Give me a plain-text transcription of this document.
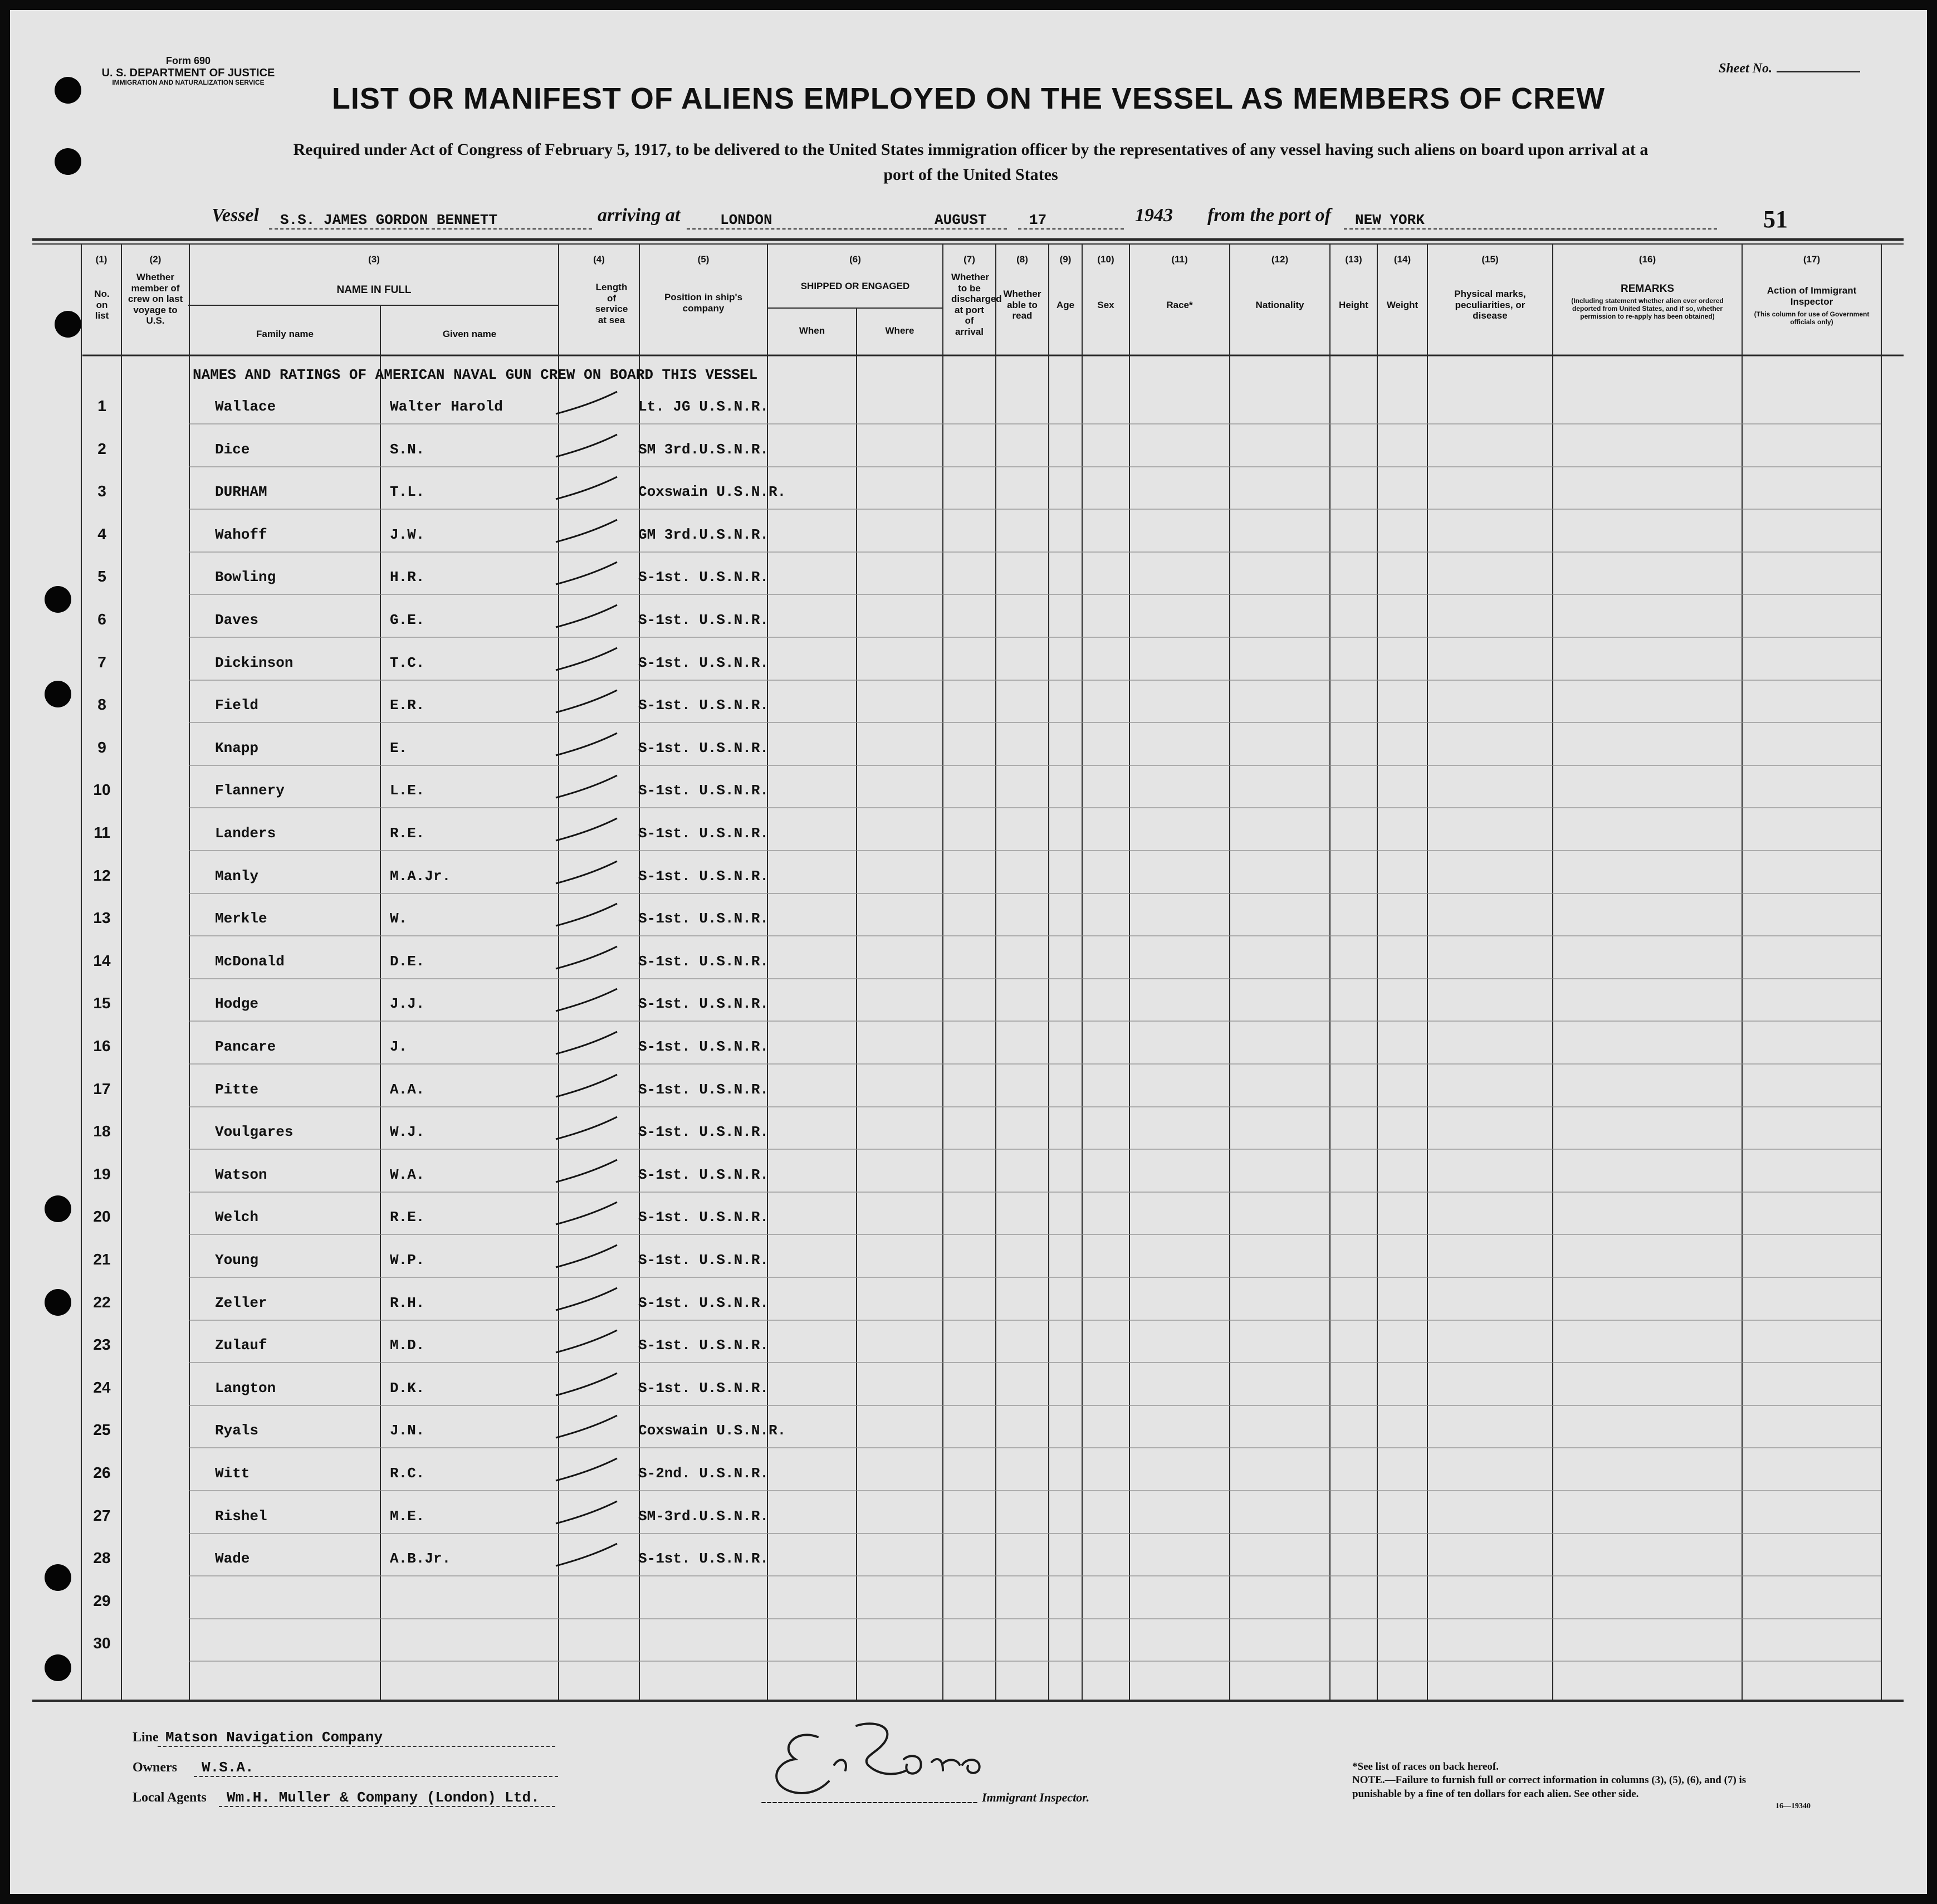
Form 690
U. S. DEPARTMENT OF JUSTICE
IMMIGRATION AND NATURALIZATION SERVICE
Sheet No.
LIST OR MANIFEST OF ALIENS EMPLOYED ON THE VESSEL AS MEMBERS OF CREW
Required under Act of Congress of February 5, 1917, to be delivered to the United States immigration officer by the representatives of any vessel having such aliens on board upon arrival at a
port of the United States
Vessel	S.S. JAMES GORDON BENNETT	arriving at	LONDON	AUGUST	17	1943 from the port of	NEW YORK	51
(1)	(2)	(3)	(4)	(5)	(6)	(7)	(8)	(9)	(10)	(11)	(12)	(13)	(14)	(15)	(16)	(17)
No. on list
Whether member of crew on last voyage to U.S.
NAME IN FULL
Family name	Given name
Length of service at sea
Position in ship's company
SHIPPED OR ENGAGED
When	Where
Whether to be discharged at port of arrival
Whether able to read
Age	Sex	Race*	Nationality	Height	Weight
Physical marks, peculiarities, or disease
REMARKS
(Including statement whether alien ever ordered deported from United States, and if so, whether permission to re-apply has been obtained)
Action of Immigrant Inspector
(This column for use of Government officials only)
NAMES AND RATINGS OF AMERICAN NAVAL GUN CREW ON BOARD THIS VESSEL
1	Wallace	Walter Harold	Lt. JG U.S.N.R.
2	Dice	S.N.	SM 3rd.U.S.N.R.
3	DURHAM	T.L.	Coxswain U.S.N.R.
4	Wahoff	J.W.	GM 3rd.U.S.N.R.
5	Bowling	H.R.	S-1st. U.S.N.R.
6	Daves	G.E.	S-1st. U.S.N.R.
7	Dickinson	T.C.	S-1st. U.S.N.R.
8	Field	E.R.	S-1st. U.S.N.R.
9	Knapp	E.	S-1st. U.S.N.R.
10	Flannery	L.E.	S-1st. U.S.N.R.
11	Landers	R.E.	S-1st. U.S.N.R.
12	Manly	M.A.Jr.	S-1st. U.S.N.R.
13	Merkle	W.	S-1st. U.S.N.R.
14	McDonald	D.E.	S-1st. U.S.N.R.
15	Hodge	J.J.	S-1st. U.S.N.R.
16	Pancare	J.	S-1st. U.S.N.R.
17	Pitte	A.A.	S-1st. U.S.N.R.
18	Voulgares	W.J.	S-1st. U.S.N.R.
19	Watson	W.A.	S-1st. U.S.N.R.
20	Welch	R.E.	S-1st. U.S.N.R.
21	Young	W.P.	S-1st. U.S.N.R.
22	Zeller	R.H.	S-1st. U.S.N.R.
23	Zulauf	M.D.	S-1st. U.S.N.R.
24	Langton	D.K.	S-1st. U.S.N.R.
25	Ryals	J.N.	Coxswain U.S.N.R.
26	Witt	R.C.	S-2nd. U.S.N.R.
27	Rishel	M.E.	SM-3rd.U.S.N.R.
28	Wade	A.B.Jr.	S-1st. U.S.N.R.
29
30
Line Matson Navigation Company
Owners	W.S.A.
Local Agents	Wm.H. Muller & Company (London) Ltd.	Immigrant Inspector.
*See list of races on back hereof.
NOTE.—Failure to furnish full or correct information in columns (3), (5), (6), and (7) is punishable by a fine of ten dollars for each alien. See other side.
16—19340
